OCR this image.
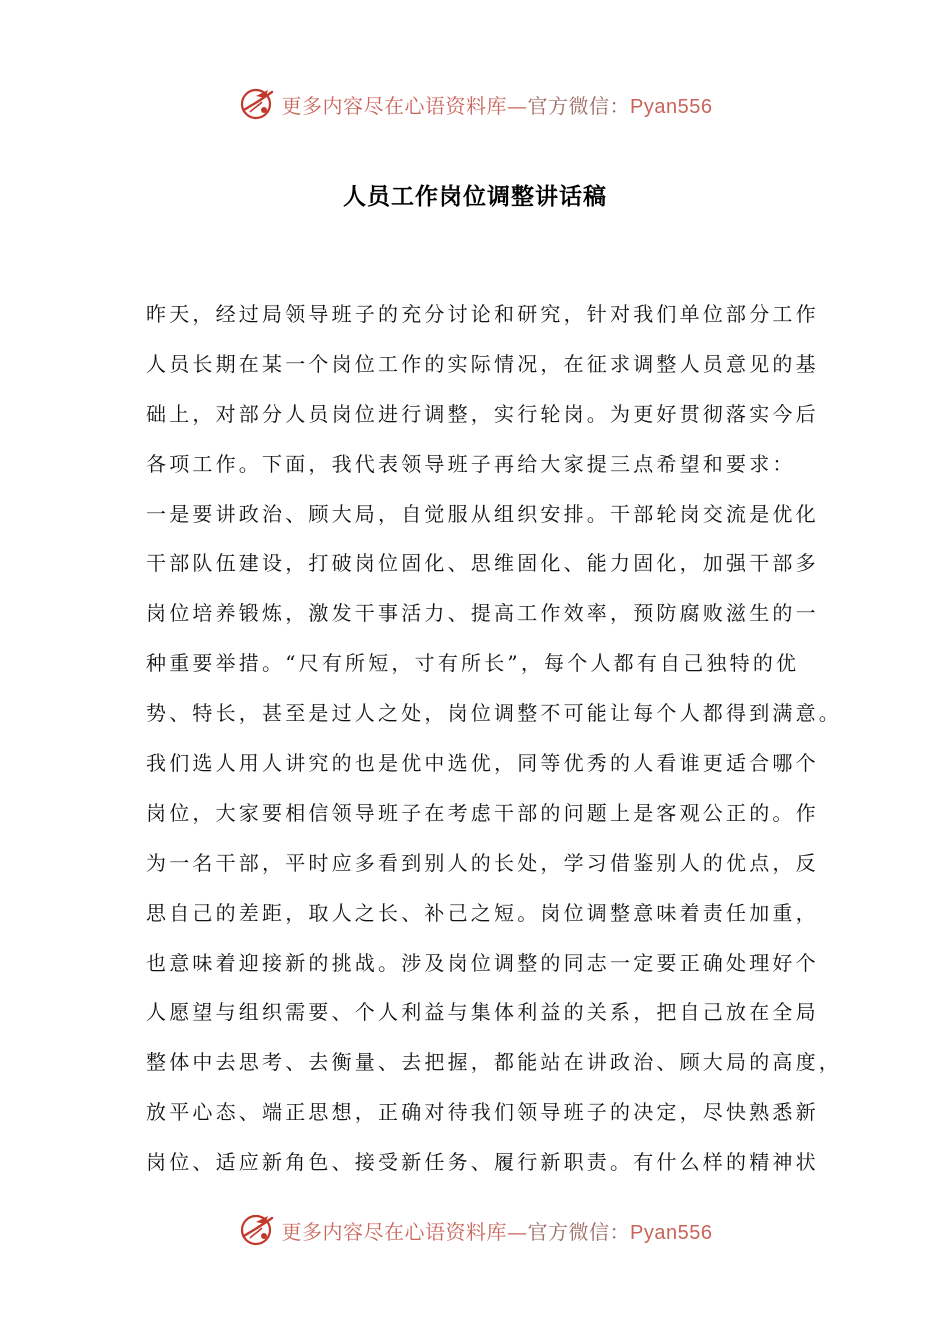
更多内容尽在心语资料库—官方微信：Pyan556
人员工作岗位调整讲话稿
昨天，经过局领导班子的充分讨论和研究，针对我们单位部分工作
人员长期在某一个岗位工作的实际情况，在征求调整人员意见的基
础上，对部分人员岗位进行调整，实行轮岗。为更好贯彻落实今后
各项工作。下面，我代表领导班子再给大家提三点希望和要求：
一是要讲政治、顾大局，自觉服从组织安排。干部轮岗交流是优化
干部队伍建设，打破岗位固化、思维固化、能力固化，加强干部多
岗位培养锻炼，激发干事活力、提高工作效率，预防腐败滋生的一
种重要举措。“尺有所短，寸有所长”，每个人都有自己独特的优
势、特长，甚至是过人之处，岗位调整不可能让每个人都得到满意。
我们选人用人讲究的也是优中选优，同等优秀的人看谁更适合哪个
岗位，大家要相信领导班子在考虑干部的问题上是客观公正的。作
为一名干部，平时应多看到别人的长处，学习借鉴别人的优点，反
思自己的差距，取人之长、补己之短。岗位调整意味着责任加重，
也意味着迎接新的挑战。涉及岗位调整的同志一定要正确处理好个
人愿望与组织需要、个人利益与集体利益的关系，把自己放在全局
整体中去思考、去衡量、去把握，都能站在讲政治、顾大局的高度，
放平心态、端正思想，正确对待我们领导班子的决定，尽快熟悉新
岗位、适应新角色、接受新任务、履行新职责。有什么样的精神状
更多内容尽在心语资料库—官方微信：Pyan556
